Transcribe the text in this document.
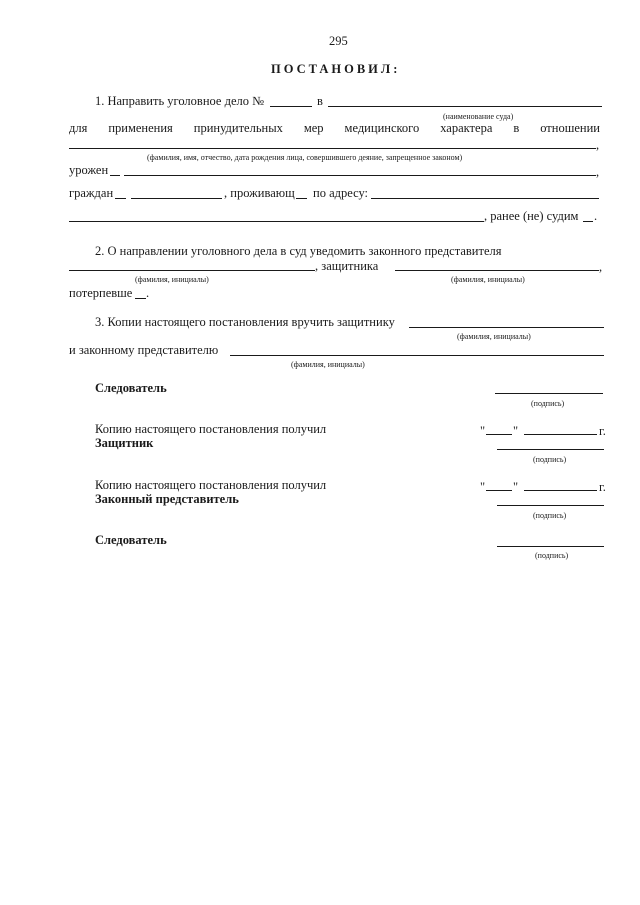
295
ПОСТАНОВИЛ:
1. Направить уголовное дело №	в
(наименование суда)
для применения принудительных мер медицинского характера в отношении
,
(фамилия, имя, отчество, дата рождения лица, совершившего деяние, запрещенное законом)
урожен	,
граждан	, проживающ по адресу:
, ранее (не) судим .
2. О направлении уголовного дела в суд уведомить законного представителя
, защитника	,
(фамилия, инициалы)	(фамилия, инициалы)
потерпевше .
3. Копии настоящего постановления вручить защитнику
(фамилия, инициалы)
и законному представителю
(фамилия, инициалы)
Следователь
(подпись)
Копию настоящего постановления получил
Защитник
" "	г.
(подпись)
Копию настоящего постановления получил
Законный представитель
" "	г.
(подпись)
Следователь
(подпись)
